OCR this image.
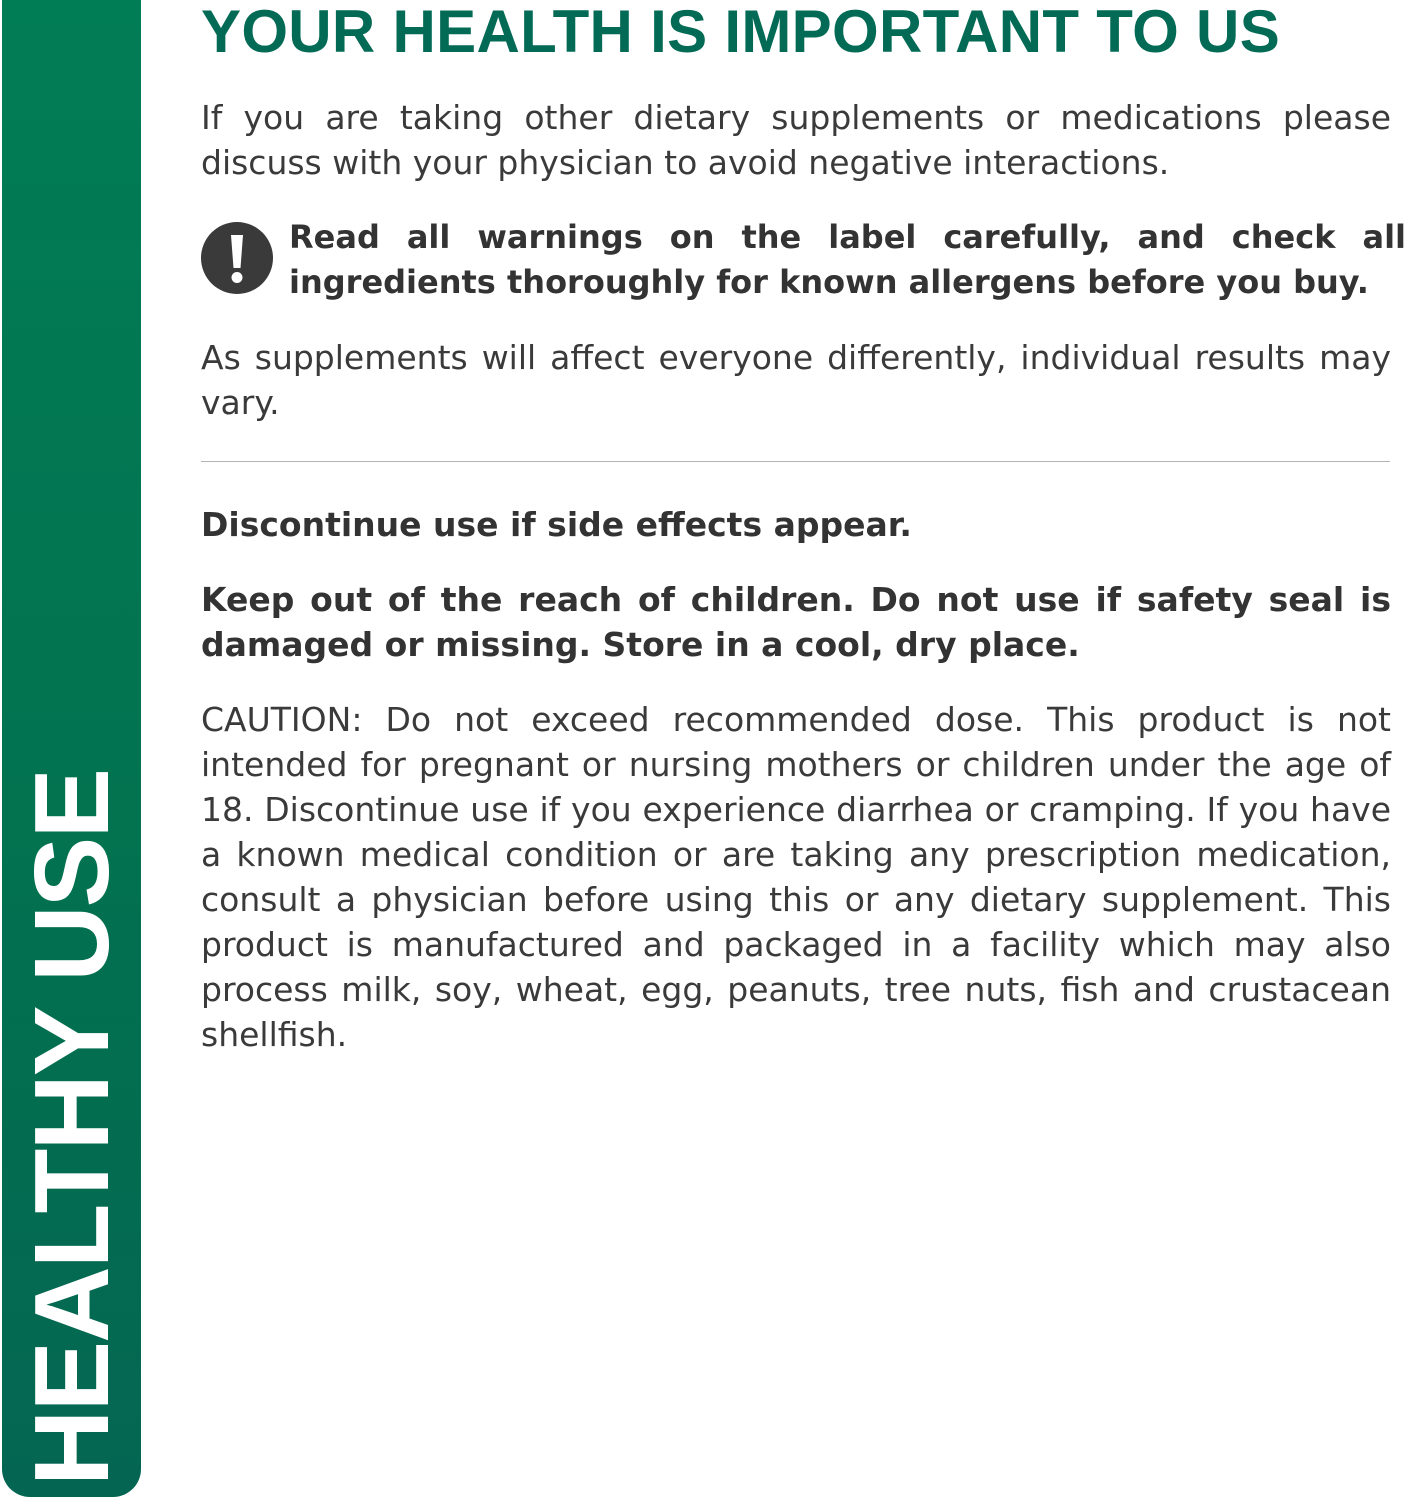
HEALTHY USE
YOUR HEALTH IS IMPORTANT TO US

If you are taking other dietary supplements or medications please discuss with your physician to avoid negative interactions.

Read all warnings on the label carefully, and check all ingredients thoroughly for known allergens before you buy.

As supplements will affect everyone differently, individual results may vary.

Discontinue use if side effects appear.

Keep out of the reach of children. Do not use if safety seal is damaged or missing. Store in a cool, dry place.

CAUTION: Do not exceed recommended dose. This product is not intended for pregnant or nursing mothers or children under the age of 18. Discontinue use if you experience diarrhea or cramping. If you have a known medical condition or are taking any prescription medication, consult a physician before using this or any dietary supplement. This product is manufactured and packaged in a facility which may also process milk, soy, wheat, egg, peanuts, tree nuts, fish and crustacean shellfish.
